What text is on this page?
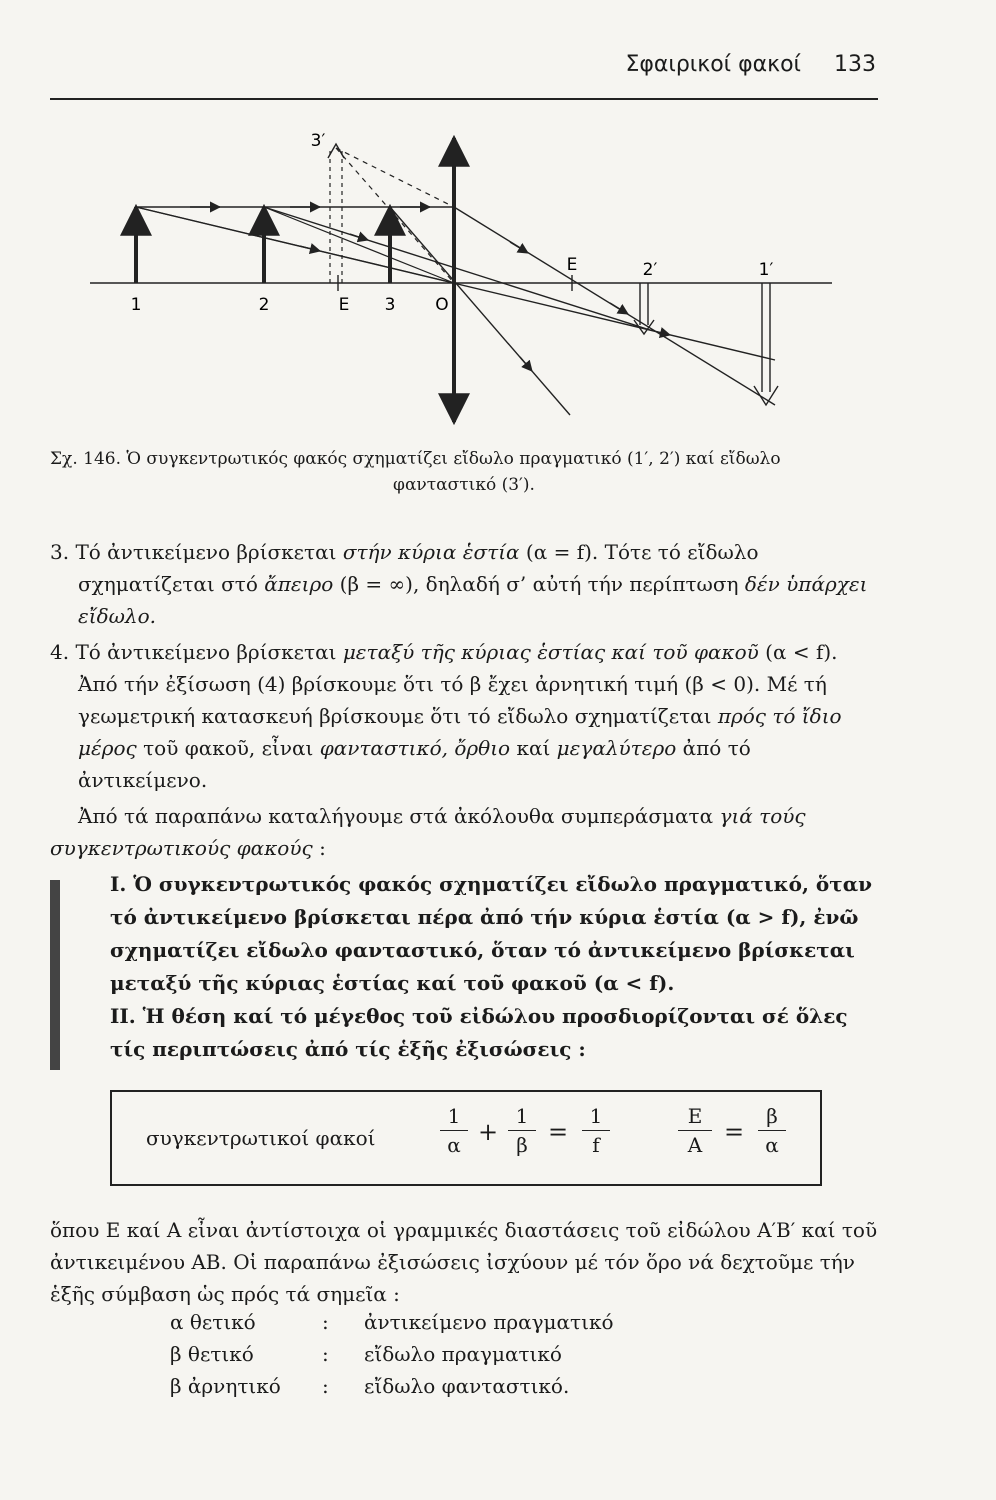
Σφαιρικοί φακοί 133
1	2	E 3 O
E	2′	1′
3′
Σχ. 146. Ὁ συγκεντρωτικός φακός σχηματίζει εἴδωλο πραγματικό (1′, 2′) καί εἴδωλο
φανταστικό (3′).

3. Τό ἀντικείμενο βρίσκεται στήν κύρια ἑστία (α = f). Τότε τό εἴδωλο σχηματίζεται στό ἄπειρο (β = ∞), δηλαδή σ’ αὐτή τήν περίπτωση δέν ὑπάρχει εἴδωλο.

4. Τό ἀντικείμενο βρίσκεται μεταξύ τῆς κύριας ἑστίας καί τοῦ φακοῦ (α < f). Ἀπό τήν ἐξίσωση (4) βρίσκουμε ὅτι τό β ἔχει ἀρνητική τιμή (β < 0). Μέ τή γεωμετρική κατασκευή βρίσκουμε ὅτι τό εἴδωλο σχηματίζεται πρός τό ἴδιο μέρος τοῦ φακοῦ, εἶναι φανταστικό, ὄρθιο καί μεγαλύτερο ἀπό τό ἀντικείμενο.

Ἀπό τά παραπάνω καταλήγουμε στά ἀκόλουθα συμπεράσματα γιά τούς συγκεντρωτικούς φακούς :

I. Ὁ συγκεντρωτικός φακός σχηματίζει εἴδωλο πραγματικό, ὅταν τό ἀντικείμενο βρίσκεται πέρα ἀπό τήν κύρια ἑστία (α > f), ἐνῶ σχηματίζει εἴδωλο φανταστικό, ὅταν τό ἀντικείμενο βρίσκεται μεταξύ τῆς κύριας ἑστίας καί τοῦ φακοῦ (α < f).

II. Ἡ θέση καί τό μέγεθος τοῦ εἰδώλου προσδιορίζονται σέ ὅλες τίς περιπτώσεις ἀπό τίς ἑξῆς ἐξισώσεις :

συγκεντρωτικοί φακοί
1
α +
1
β =
1
f
E
A =
β
α

ὅπου Ε καί Α εἶναι ἀντίστοιχα οἱ γραμμικές διαστάσεις τοῦ εἰδώλου Α′Β′ καί τοῦ ἀντικειμένου ΑΒ. Οἱ παραπάνω ἐξισώσεις ἰσχύουν μέ τόν ὅρο νά δεχτοῦμε τήν ἑξῆς σύμβαση ὡς πρός τά σημεῖα :

α θετικό	: ἀντικείμενο πραγματικό
β θετικό	: εἴδωλο πραγματικό
β ἀρνητικό : εἴδωλο φανταστικό.
